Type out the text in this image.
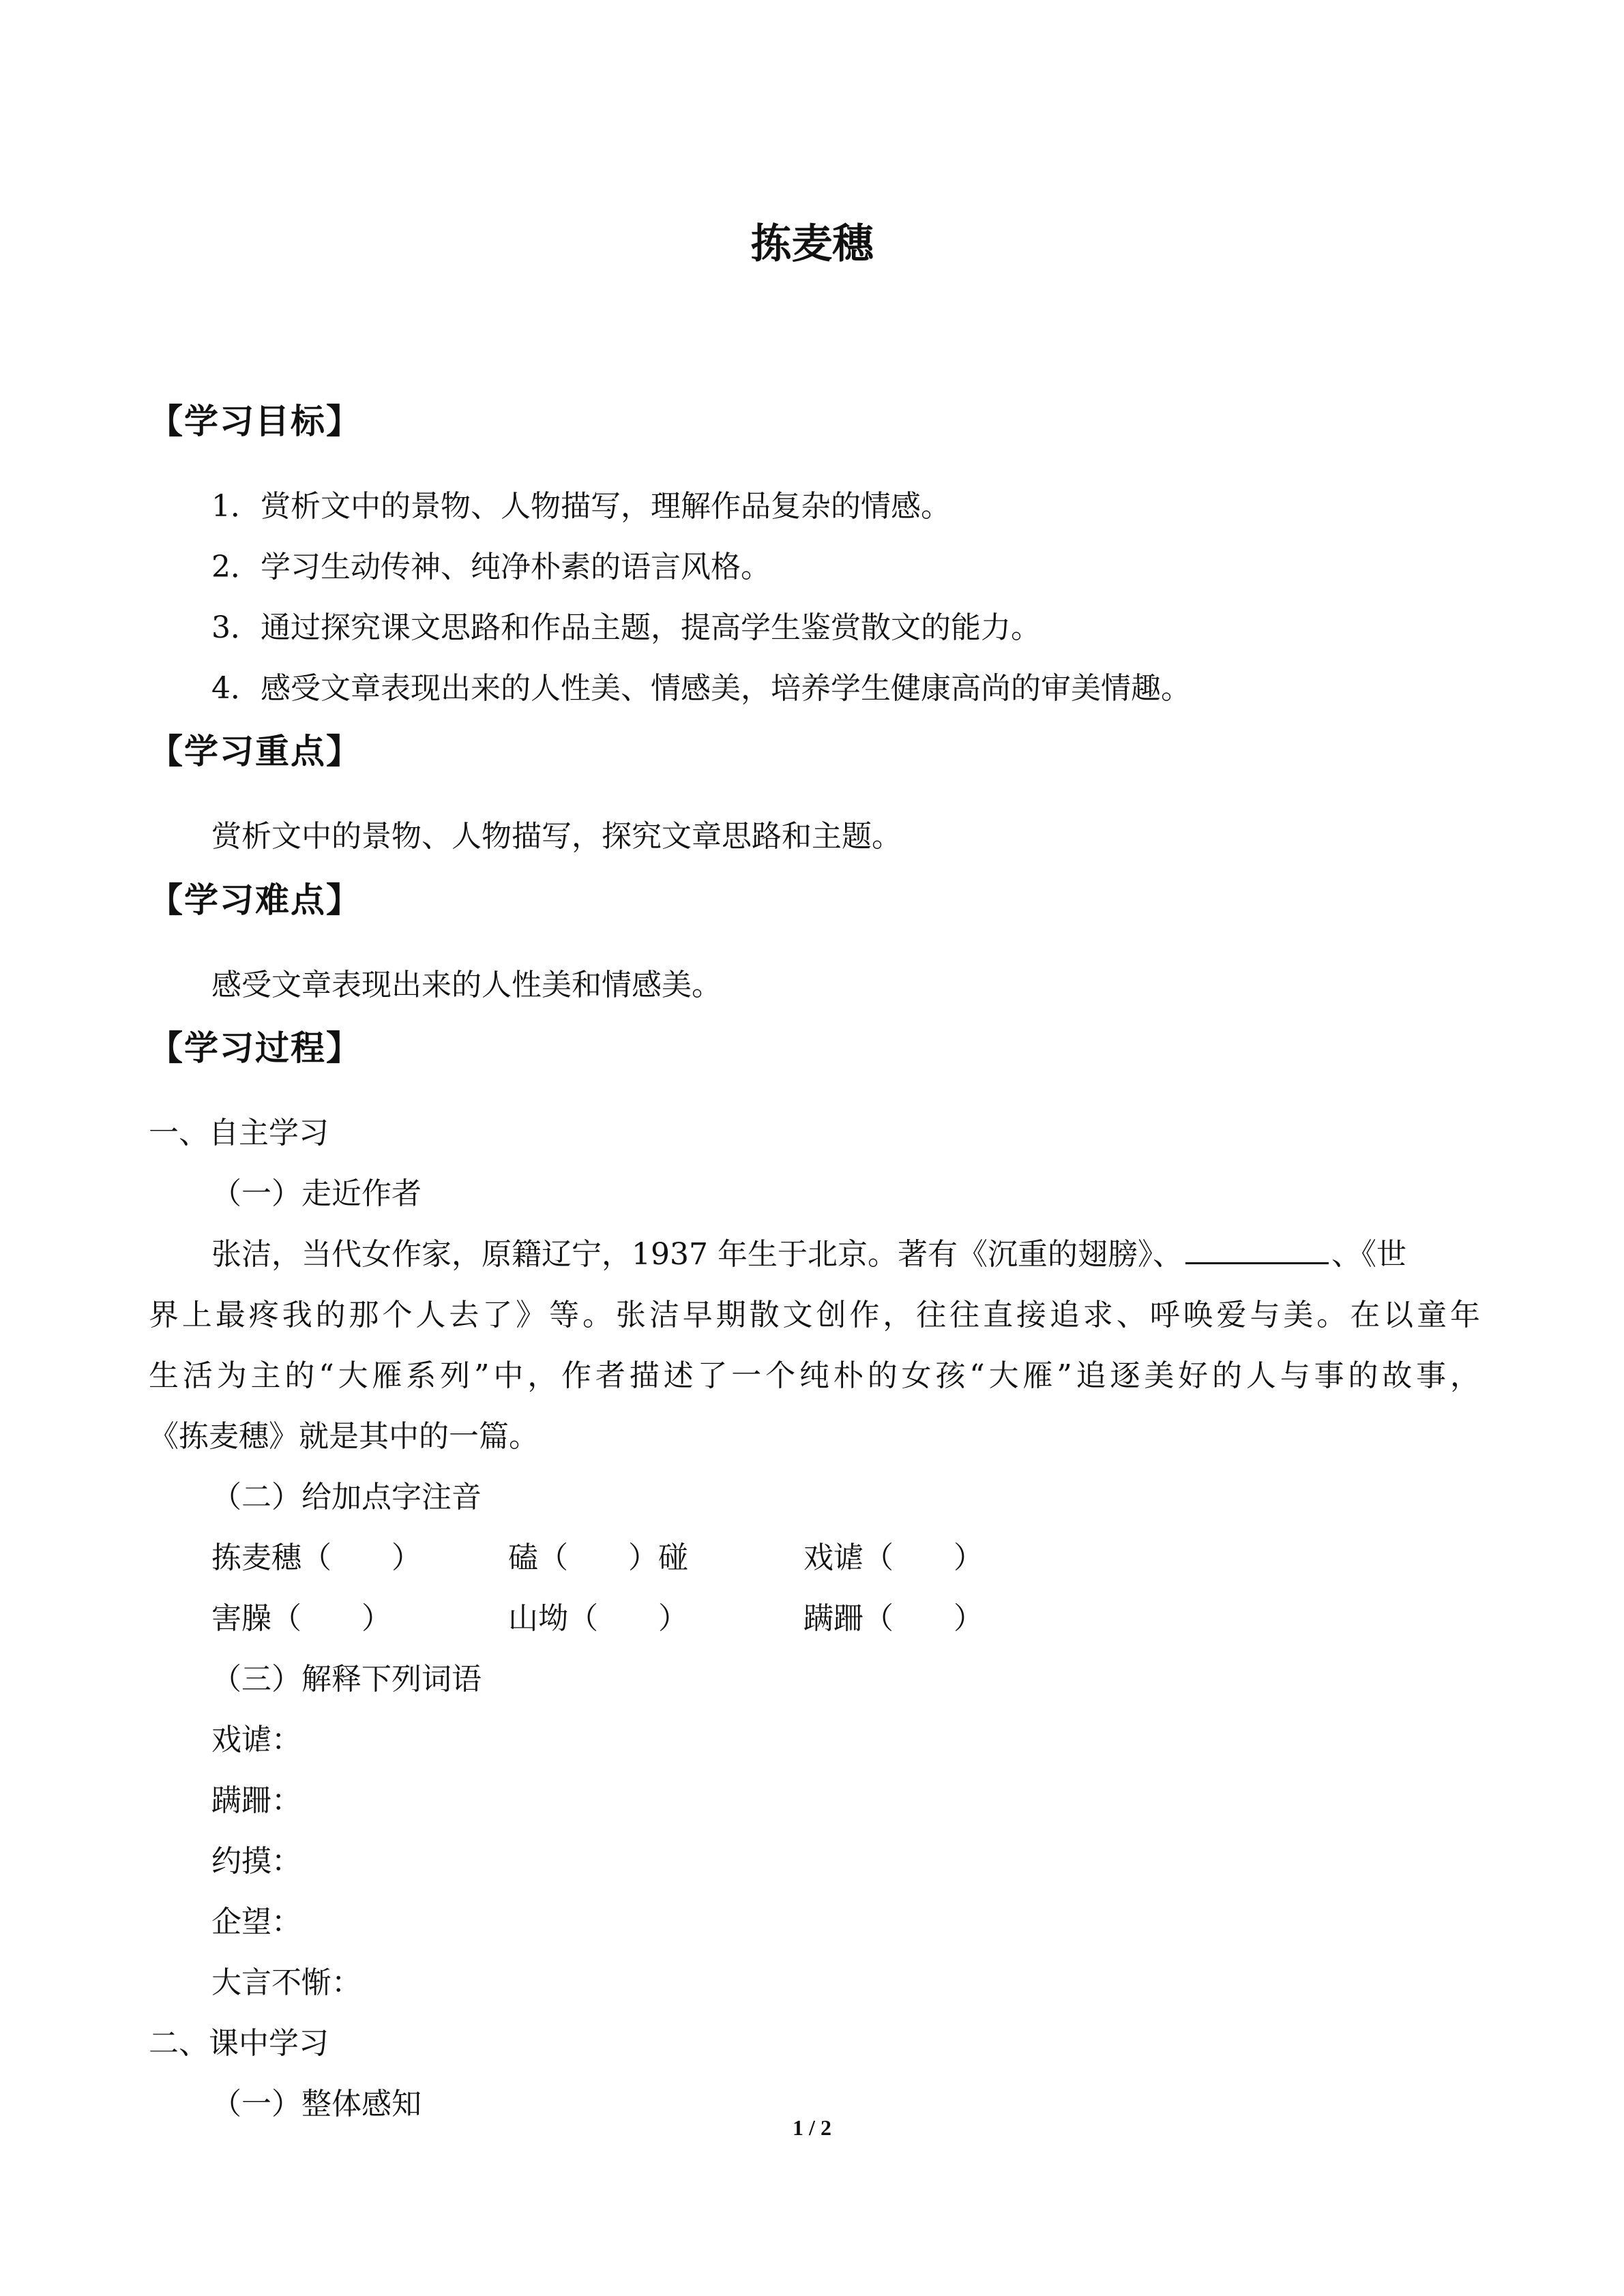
拣麦穗
【学习目标】
1．赏析文中的景物、人物描写，理解作品复杂的情感。
2．学习生动传神、纯净朴素的语言风格。
3．通过探究课文思路和作品主题，提高学生鉴赏散文的能力。
4．感受文章表现出来的人性美、情感美，培养学生健康高尚的审美情趣。
【学习重点】
赏析文中的景物、人物描写，探究文章思路和主题。
【学习难点】
感受文章表现出来的人性美和情感美。
【学习过程】
一、自主学习
（一）走近作者
张洁，当代女作家，原籍辽宁，1937 年生于北京。著有《沉重的翅膀》、	、《世
界上最疼我的那个人去了》等。张洁早期散文创作，往往直接追求、呼唤爱与美。在以童年
生活为主的“大雁系列”中，作者描述了一个纯朴的女孩“大雁”追逐美好的人与事的故事，
《拣麦穗》就是其中的一篇。
（二）给加点字注音
拣麦穗（　　）	磕（　　）碰	戏谑（　　）
害臊（　　）	山坳（　　）	蹒跚（　　）
（三）解释下列词语
戏谑：
蹒跚：
约摸：
企望：
大言不惭：
二、课中学习
（一）整体感知
1 / 2
